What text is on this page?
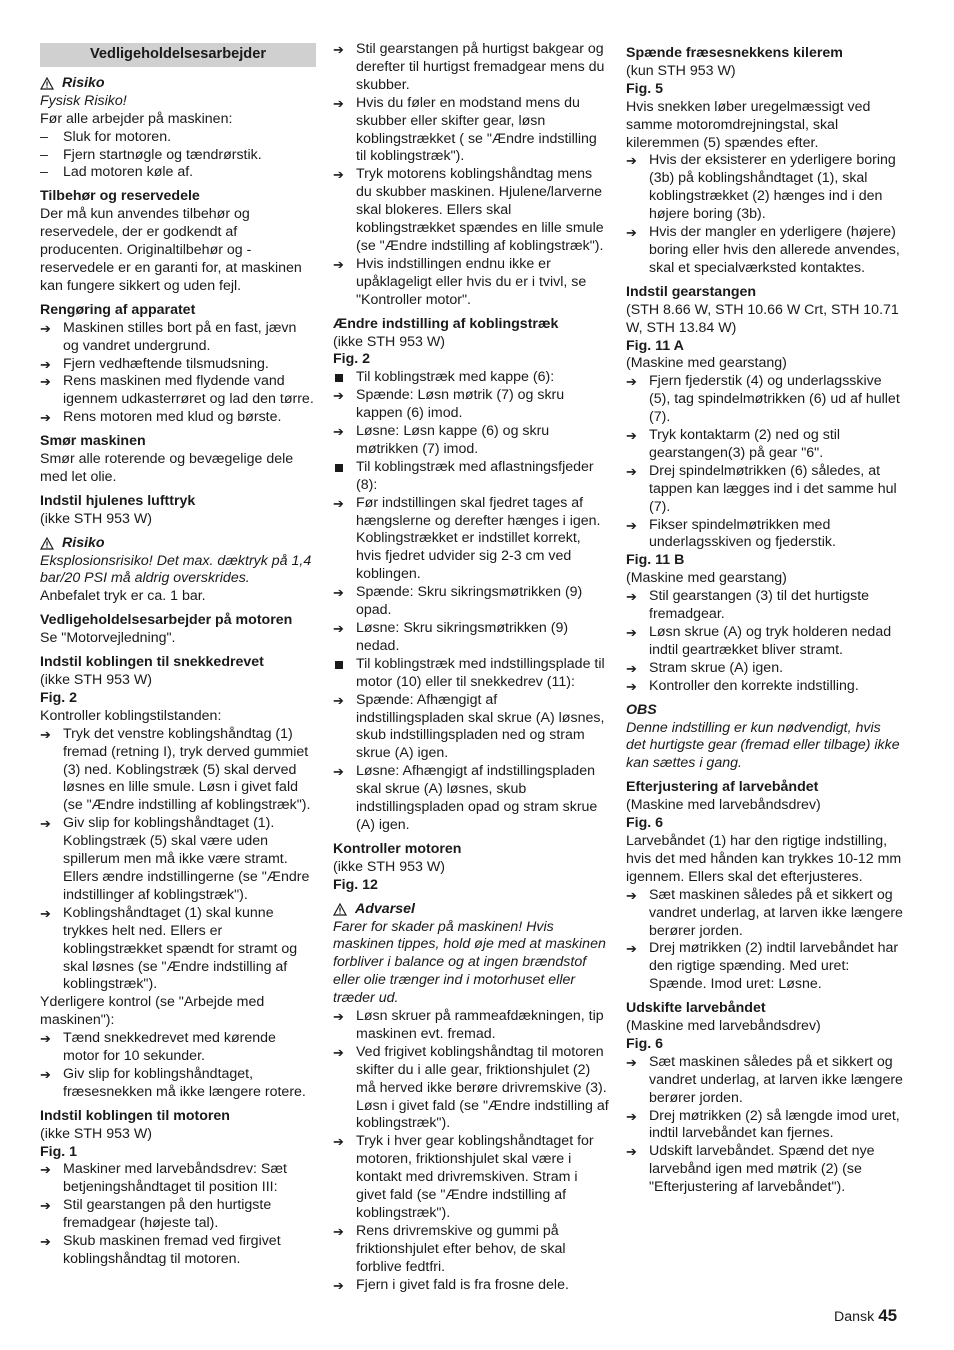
Vedligeholdelsesarbejder
Risiko
Fysisk Risiko!
Før alle arbejder på maskinen:
–	Sluk for motoren.
–	Fjern startnøgle og tændrørstik.
–	Lad motoren køle af.
Tilbehør og reservedele
Der må kun anvendes tilbehør og reservedele, der er godkendt af producenten. Originaltilbehør og -reservedele er en garanti for, at maskinen kan fungere sikkert og uden fejl.
Rengøring af apparatet
➔ Maskinen stilles bort på en fast, jævn og vandret undergrund.
➔ Fjern vedhæftende tilsmudsning.
➔ Rens maskinen med flydende vand igennem udkasterrøret og lad den tørre.
➔ Rens motoren med klud og børste.
Smør maskinen
Smør alle roterende og bevægelige dele med let olie.
Indstil hjulenes lufttryk
(ikke STH 953 W)
Risiko
Eksplosionsrisiko! Det max. dæktryk på 1,4 bar/20 PSI må aldrig overskrides.
Anbefalet tryk er ca. 1 bar.
Vedligeholdelsesarbejder på motoren
Se "Motorvejledning".
Indstil koblingen til snekkedrevet
(ikke STH 953 W)
Fig. 2
Kontroller koblingstilstanden:
➔ Tryk det venstre koblingshåndtag (1) fremad (retning I), tryk derved gummiet (3) ned. Koblingstræk (5) skal derved løsnes en lille smule. Løsn i givet fald (se "Ændre indstilling af koblingstræk").
➔ Giv slip for koblingshåndtaget (1). Koblingstræk (5) skal være uden spillerum men må ikke være stramt. Ellers ændre indstillingerne (se "Ændre indstillinger af koblingstræk").
➔ Koblingshåndtaget (1) skal kunne trykkes helt ned. Ellers er koblingstrækket spændt for stramt og skal løsnes (se "Ændre indstilling af koblingstræk").
Yderligere kontrol (se "Arbejde med maskinen"):
➔ Tænd snekkedrevet med kørende motor for 10 sekunder.
➔ Giv slip for koblingshåndtaget, fræsesnekken må ikke længere rotere.
Indstil koblingen til motoren
(ikke STH 953 W)
Fig. 1
➔ Maskiner med larvebåndsdrev: Sæt betjeningshåndtaget til position III:
➔ Stil gearstangen på den hurtigste fremadgear (højeste tal).
➔ Skub maskinen fremad ved firgivet koblingshåndtag til motoren.
➔ Stil gearstangen på hurtigst bakgear og derefter til hurtigst fremadgear mens du skubber.
➔ Hvis du føler en modstand mens du skubber eller skifter gear, løsn koblingstrækket ( se "Ændre indstilling til koblingstræk").
➔ Tryk motorens koblingshåndtag mens du skubber maskinen. Hjulene/larverne skal blokeres. Ellers skal koblingstrækket spændes en lille smule (se "Ændre indstilling af koblingstræk").
➔ Hvis indstillingen endnu ikke er upåklageligt eller hvis du er i tvivl, se "Kontroller motor".
Ændre indstilling af koblingstræk
(ikke STH 953 W)
Fig. 2
Til koblingstræk med kappe (6):
➔ Spænde: Løsn møtrik (7) og skru kappen (6) imod.
➔ Løsne: Løsn kappe (6) og skru møtrikken (7) imod.
Til koblingstræk med aflastningsfjeder (8):
➔ Før indstillingen skal fjedret tages af hængslerne og derefter hænges i igen. Koblingstrækket er indstillet korrekt, hvis fjedret udvider sig 2-3 cm ved koblingen.
➔ Spænde: Skru sikringsmøtrikken (9) opad.
➔ Løsne: Skru sikringsmøtrikken (9) nedad.
Til koblingstræk med indstillingsplade til motor (10) eller til snekkedrev (11):
➔ Spænde: Afhængigt af indstillingspladen skal skrue (A) løsnes, skub indstillingspladen ned og stram skrue (A) igen.
➔ Løsne: Afhængigt af indstillingspladen skal skrue (A) løsnes, skub indstillingspladen opad og stram skrue (A) igen.
Kontroller motoren
(ikke STH 953 W)
Fig. 12
Advarsel
Farer for skader på maskinen! Hvis maskinen tippes, hold øje med at maskinen forbliver i balance og at ingen brændstof eller olie trænger ind i motorhuset eller træder ud.
➔ Løsn skruer på rammeafdækningen, tip maskinen evt. fremad.
➔ Ved frigivet koblingshåndtag til motoren skifter du i alle gear, friktionshjulet (2) må herved ikke berøre drivremskive (3). Løsn i givet fald (se "Ændre indstilling af koblingstræk").
➔ Tryk i hver gear koblingshåndtaget for motoren, friktionshjulet skal være i kontakt med drivremskiven. Stram i givet fald (se "Ændre indstilling af koblingstræk").
➔ Rens drivremskive og gummi på friktionshjulet efter behov, de skal forblive fedtfri.
➔ Fjern i givet fald is fra frosne dele.
Spænde fræsesnekkens kilerem
(kun STH 953 W)
Fig. 5
Hvis snekken løber uregelmæssigt ved samme motoromdrejningstal, skal kileremmen (5) spændes efter.
➔ Hvis der eksisterer en yderligere boring (3b) på koblingshåndtaget (1), skal koblingstrækket (2) hænges ind i den højere boring (3b).
➔ Hvis der mangler en yderligere (højere) boring eller hvis den allerede anvendes, skal et specialværksted kontaktes.
Indstil gearstangen
(STH 8.66 W, STH 10.66 W Crt, STH 10.71 W, STH 13.84 W)
Fig. 11 A
(Maskine med gearstang)
➔ Fjern fjederstik (4) og underlagsskive (5), tag spindelmøtrikken (6) ud af hullet (7).
➔ Tryk kontaktarm (2) ned og stil gearstangen(3) på gear "6".
➔ Drej spindelmøtrikken (6) således, at tappen kan lægges ind i det samme hul (7).
➔ Fikser spindelmøtrikken med underlagsskiven og fjederstik.
Fig. 11 B
(Maskine med gearstang)
➔ Stil gearstangen (3) til det hurtigste fremadgear.
➔ Løsn skrue (A) og tryk holderen nedad indtil geartrækket bliver stramt.
➔ Stram skrue (A) igen.
➔ Kontroller den korrekte indstilling.
OBS
Denne indstilling er kun nødvendigt, hvis det hurtigste gear (fremad eller tilbage) ikke kan sættes i gang.
Efterjustering af larvebåndet
(Maskine med larvebåndsdrev)
Fig. 6
Larvebåndet (1) har den rigtige indstilling, hvis det med hånden kan trykkes 10-12 mm igennem. Ellers skal det efterjusteres.
➔ Sæt maskinen således på et sikkert og vandret underlag, at larven ikke længere berører jorden.
➔ Drej møtrikken (2) indtil larvebåndet har den rigtige spænding. Med uret: Spænde. Imod uret: Løsne.
Udskifte larvebåndet
(Maskine med larvebåndsdrev)
Fig. 6
➔ Sæt maskinen således på et sikkert og vandret underlag, at larven ikke længere berører jorden.
➔ Drej møtrikken (2) så længde imod uret, indtil larvebåndet kan fjernes.
➔ Udskift larvebåndet. Spænd det nye larvebånd igen med møtrik (2) (se "Efterjustering af larvebåndet").
Dansk 45
